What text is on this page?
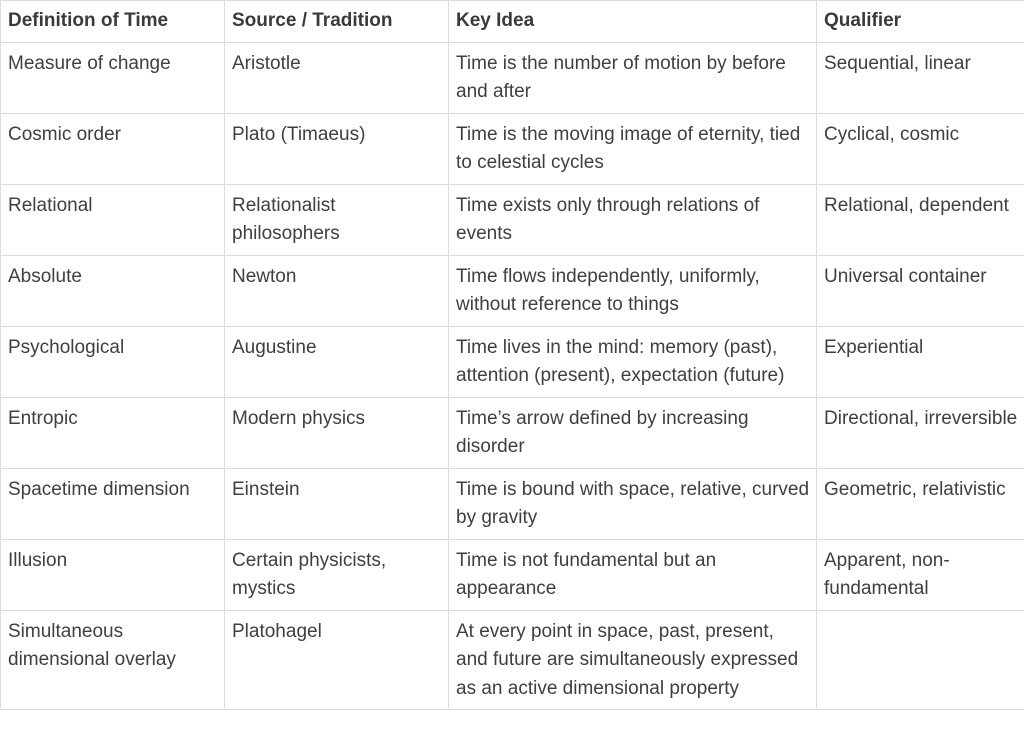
Definition of Time	Source / Tradition	Key Idea	Qualifier
Measure of change	Aristotle	Time is the number of motion by before and after	Sequential, linear
Cosmic order	Plato (Timaeus)	Time is the moving image of eternity, tied to celestial cycles	Cyclical, cosmic
Relational	Relationalist philosophers	Time exists only through relations of events	Relational, dependent
Absolute	Newton	Time flows independently, uniformly, without reference to things	Universal container
Psychological	Augustine	Time lives in the mind: memory (past), attention (present), expectation (future)	Experiential
Entropic	Modern physics	Time’s arrow defined by increasing disorder	Directional, irreversible
Spacetime dimension	Einstein	Time is bound with space, relative, curved by gravity	Geometric, relativistic
Illusion	Certain physicists, mystics	Time is not fundamental but an appearance	Apparent, non-fundamental
Simultaneous dimensional overlay	Platohagel	At every point in space, past, present, and future are simultaneously expressed as an active dimensional property	
